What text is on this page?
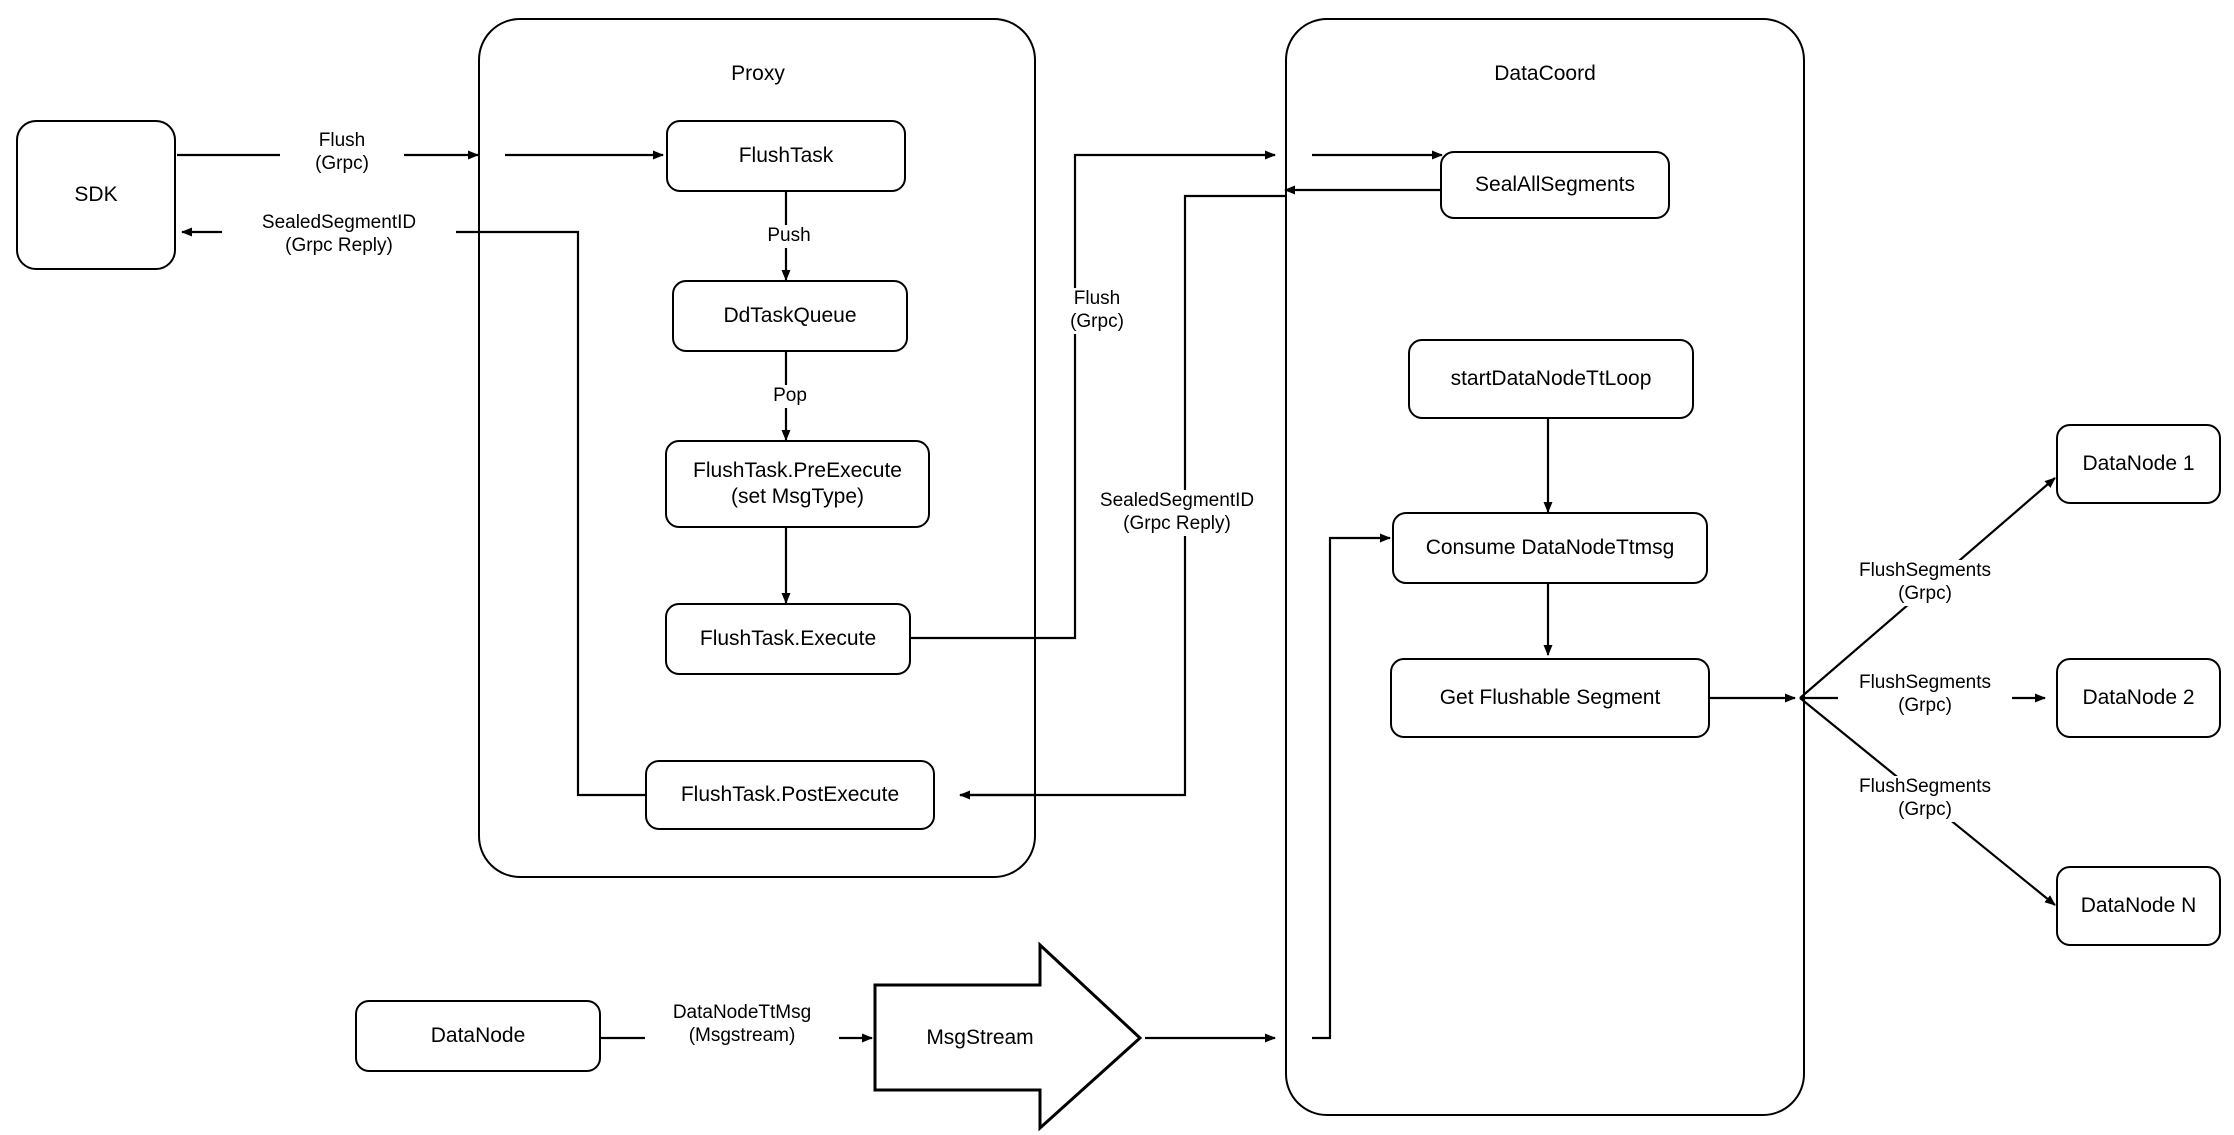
Proxy	DataCoord
SDK
FlushTask
DdTaskQueue
FlushTask.PreExecute
(set MsgType)
FlushTask.Execute
FlushTask.PostExecute
SealAllSegments
startDataNodeTtLoop
Consume DataNodeTtmsg
Get Flushable Segment
DataNode 1
DataNode 2
DataNode N
DataNode	MsgStream
Flush
(Grpc)
SealedSegmentID
(Grpc Reply)	Push
Pop
Flush
(Grpc)
SealedSegmentID
(Grpc Reply)
DataNodeTtMsg
(Msgstream)
FlushSegments
(Grpc)
FlushSegments
(Grpc)
FlushSegments
(Grpc)
